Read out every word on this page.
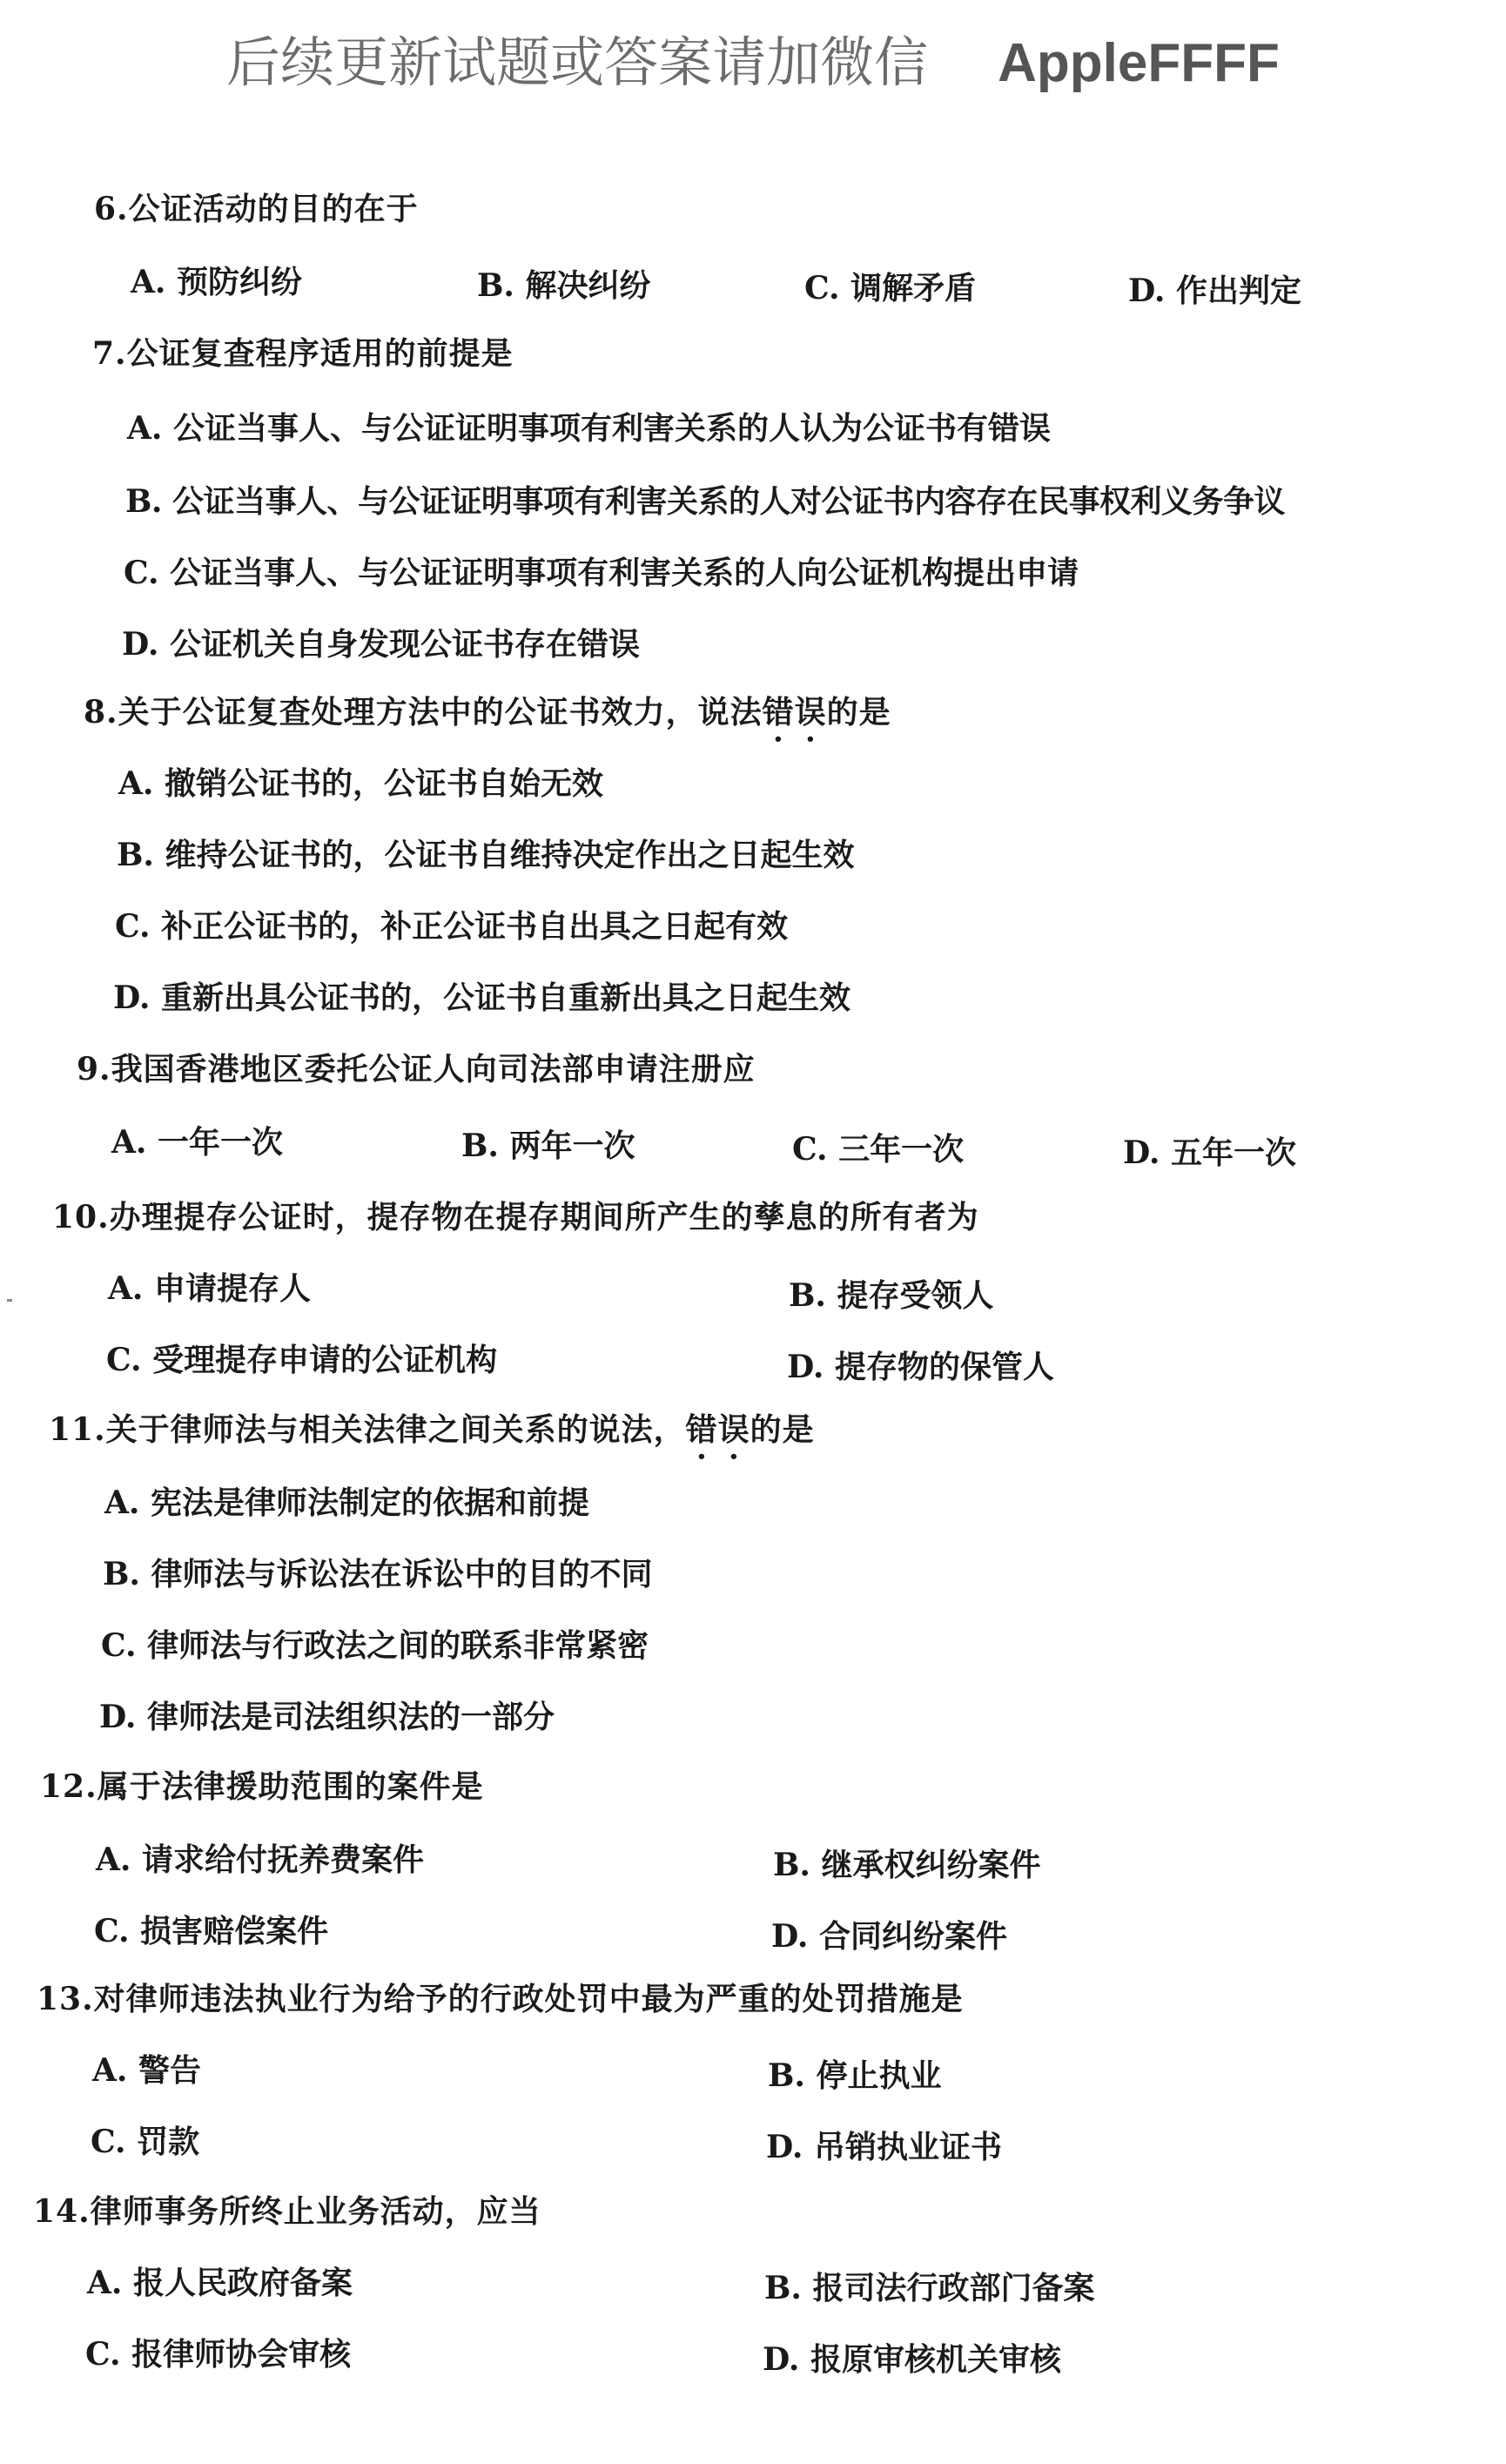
后续更新试题或答案请加微信 AppleFFFF
6.公证活动的目的在于
A. 预防纠纷	B. 解决纠纷	C. 调解矛盾	D. 作出判定
7.公证复查程序适用的前提是
A. 公证当事人、与公证证明事项有利害关系的人认为公证书有错误
B. 公证当事人、与公证证明事项有利害关系的人对公证书内容存在民事权利义务争议
C. 公证当事人、与公证证明事项有利害关系的人向公证机构提出申请
D. 公证机关自身发现公证书存在错误
8.关于公证复查处理方法中的公证书效力，说法错误的是
A. 撤销公证书的，公证书自始无效
B. 维持公证书的，公证书自维持决定作出之日起生效
C. 补正公证书的，补正公证书自出具之日起有效
D. 重新出具公证书的，公证书自重新出具之日起生效
9.我国香港地区委托公证人向司法部申请注册应
A. 一年一次	B. 两年一次	C. 三年一次	D. 五年一次
10.办理提存公证时，提存物在提存期间所产生的孳息的所有者为
A. 申请提存人	B. 提存受领人
C. 受理提存申请的公证机构	D. 提存物的保管人
11.关于律师法与相关法律之间关系的说法，错误的是
A. 宪法是律师法制定的依据和前提
B. 律师法与诉讼法在诉讼中的目的不同
C. 律师法与行政法之间的联系非常紧密
D. 律师法是司法组织法的一部分
12.属于法律援助范围的案件是
A. 请求给付抚养费案件	B. 继承权纠纷案件
C. 损害赔偿案件	D. 合同纠纷案件
13.对律师违法执业行为给予的行政处罚中最为严重的处罚措施是
A. 警告	B. 停止执业
C. 罚款	D. 吊销执业证书
14.律师事务所终止业务活动，应当
A. 报人民政府备案	B. 报司法行政部门备案
C. 报律师协会审核	D. 报原审核机关审核
